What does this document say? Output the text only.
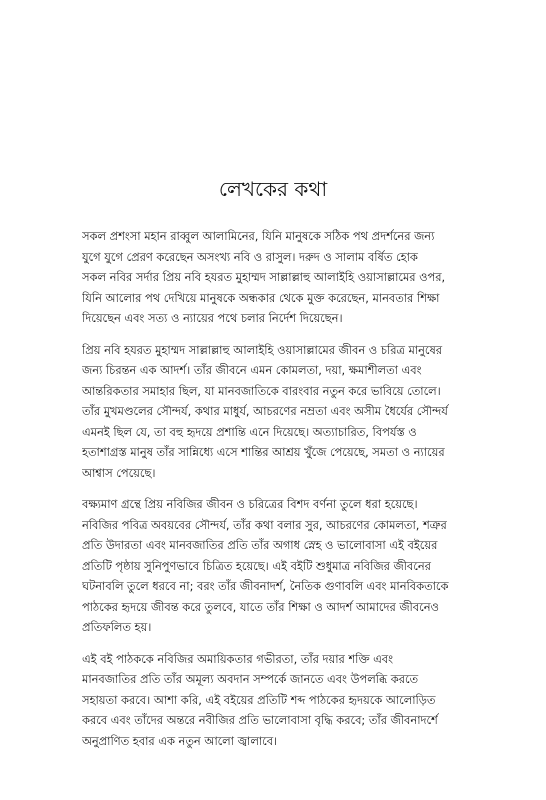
লেখকের কথা
সকল প্রশংসা মহান রাব্বুল আলামিনের, যিনি মানুষকে সঠিক পথ প্রদর্শনের জন্য
যুগে যুগে প্রেরণ করেছেন অসংখ্য নবি ও রাসুল। দরুদ ও সালাম বর্ষিত হোক
সকল নবির সর্দার প্রিয় নবি হযরত মুহাম্মদ সাল্লাল্লাহু আলাইহি ওয়াসাল্লামের ওপর,
যিনি আলোর পথ দেখিয়ে মানুষকে অন্ধকার থেকে মুক্ত করেছেন, মানবতার শিক্ষা
দিয়েছেন এবং সত্য ও ন্যায়ের পথে চলার নির্দেশ দিয়েছেন।
প্রিয় নবি হযরত মুহাম্মদ সাল্লাল্লাহু আলাইহি ওয়াসাল্লামের জীবন ও চরিত্র মানুষের
জন্য চিরন্তন এক আদর্শ। তাঁর জীবনে এমন কোমলতা, দয়া, ক্ষমাশীলতা এবং
আন্তরিকতার সমাহার ছিল, যা মানবজাতিকে বারংবার নতুন করে ভাবিয়ে তোলে।
তাঁর মুখমণ্ডলের সৌন্দর্য, কথার মাধুর্য, আচরণের নম্রতা এবং অসীম ধৈর্যের সৌন্দর্য
এমনই ছিল যে, তা বহু হৃদয়ে প্রশান্তি এনে দিয়েছে। অত্যাচারিত, বিপর্যস্ত ও
হতাশাগ্রস্ত মানুষ তাঁর সান্নিধ্যে এসে শান্তির আশ্রয় খুঁজে পেয়েছে, সমতা ও ন্যায়ের
আশ্বাস পেয়েছে।
বক্ষ্যমাণ গ্রন্থে প্রিয় নবিজির জীবন ও চরিত্রের বিশদ বর্ণনা তুলে ধরা হয়েছে।
নবিজির পবিত্র অবয়বের সৌন্দর্য, তাঁর কথা বলার সুর, আচরণের কোমলতা, শত্রুর
প্রতি উদারতা এবং মানবজাতির প্রতি তাঁর অগাধ স্নেহ ও ভালোবাসা এই বইয়ের
প্রতিটি পৃষ্ঠায় সুনিপুণভাবে চিত্রিত হয়েছে। এই বইটি শুধুমাত্র নবিজির জীবনের
ঘটনাবলি তুলে ধরবে না; বরং তাঁর জীবনাদর্শ, নৈতিক গুণাবলি এবং মানবিকতাকে
পাঠকের হৃদয়ে জীবন্ত করে তুলবে, যাতে তাঁর শিক্ষা ও আদর্শ আমাদের জীবনেও
প্রতিফলিত হয়।
এই বই পাঠককে নবিজির অমায়িকতার গভীরতা, তাঁর দয়ার শক্তি এবং
মানবজাতির প্রতি তাঁর অমূল্য অবদান সম্পর্কে জানতে এবং উপলব্ধি করতে
সহায়তা করবে। আশা করি, এই বইয়ের প্রতিটি শব্দ পাঠকের হৃদয়কে আলোড়িত
করবে এবং তাঁদের অন্তরে নবীজির প্রতি ভালোবাসা বৃদ্ধি করবে; তাঁর জীবনাদর্শে
অনুপ্রাণিত হবার এক নতুন আলো জ্বালাবে।
